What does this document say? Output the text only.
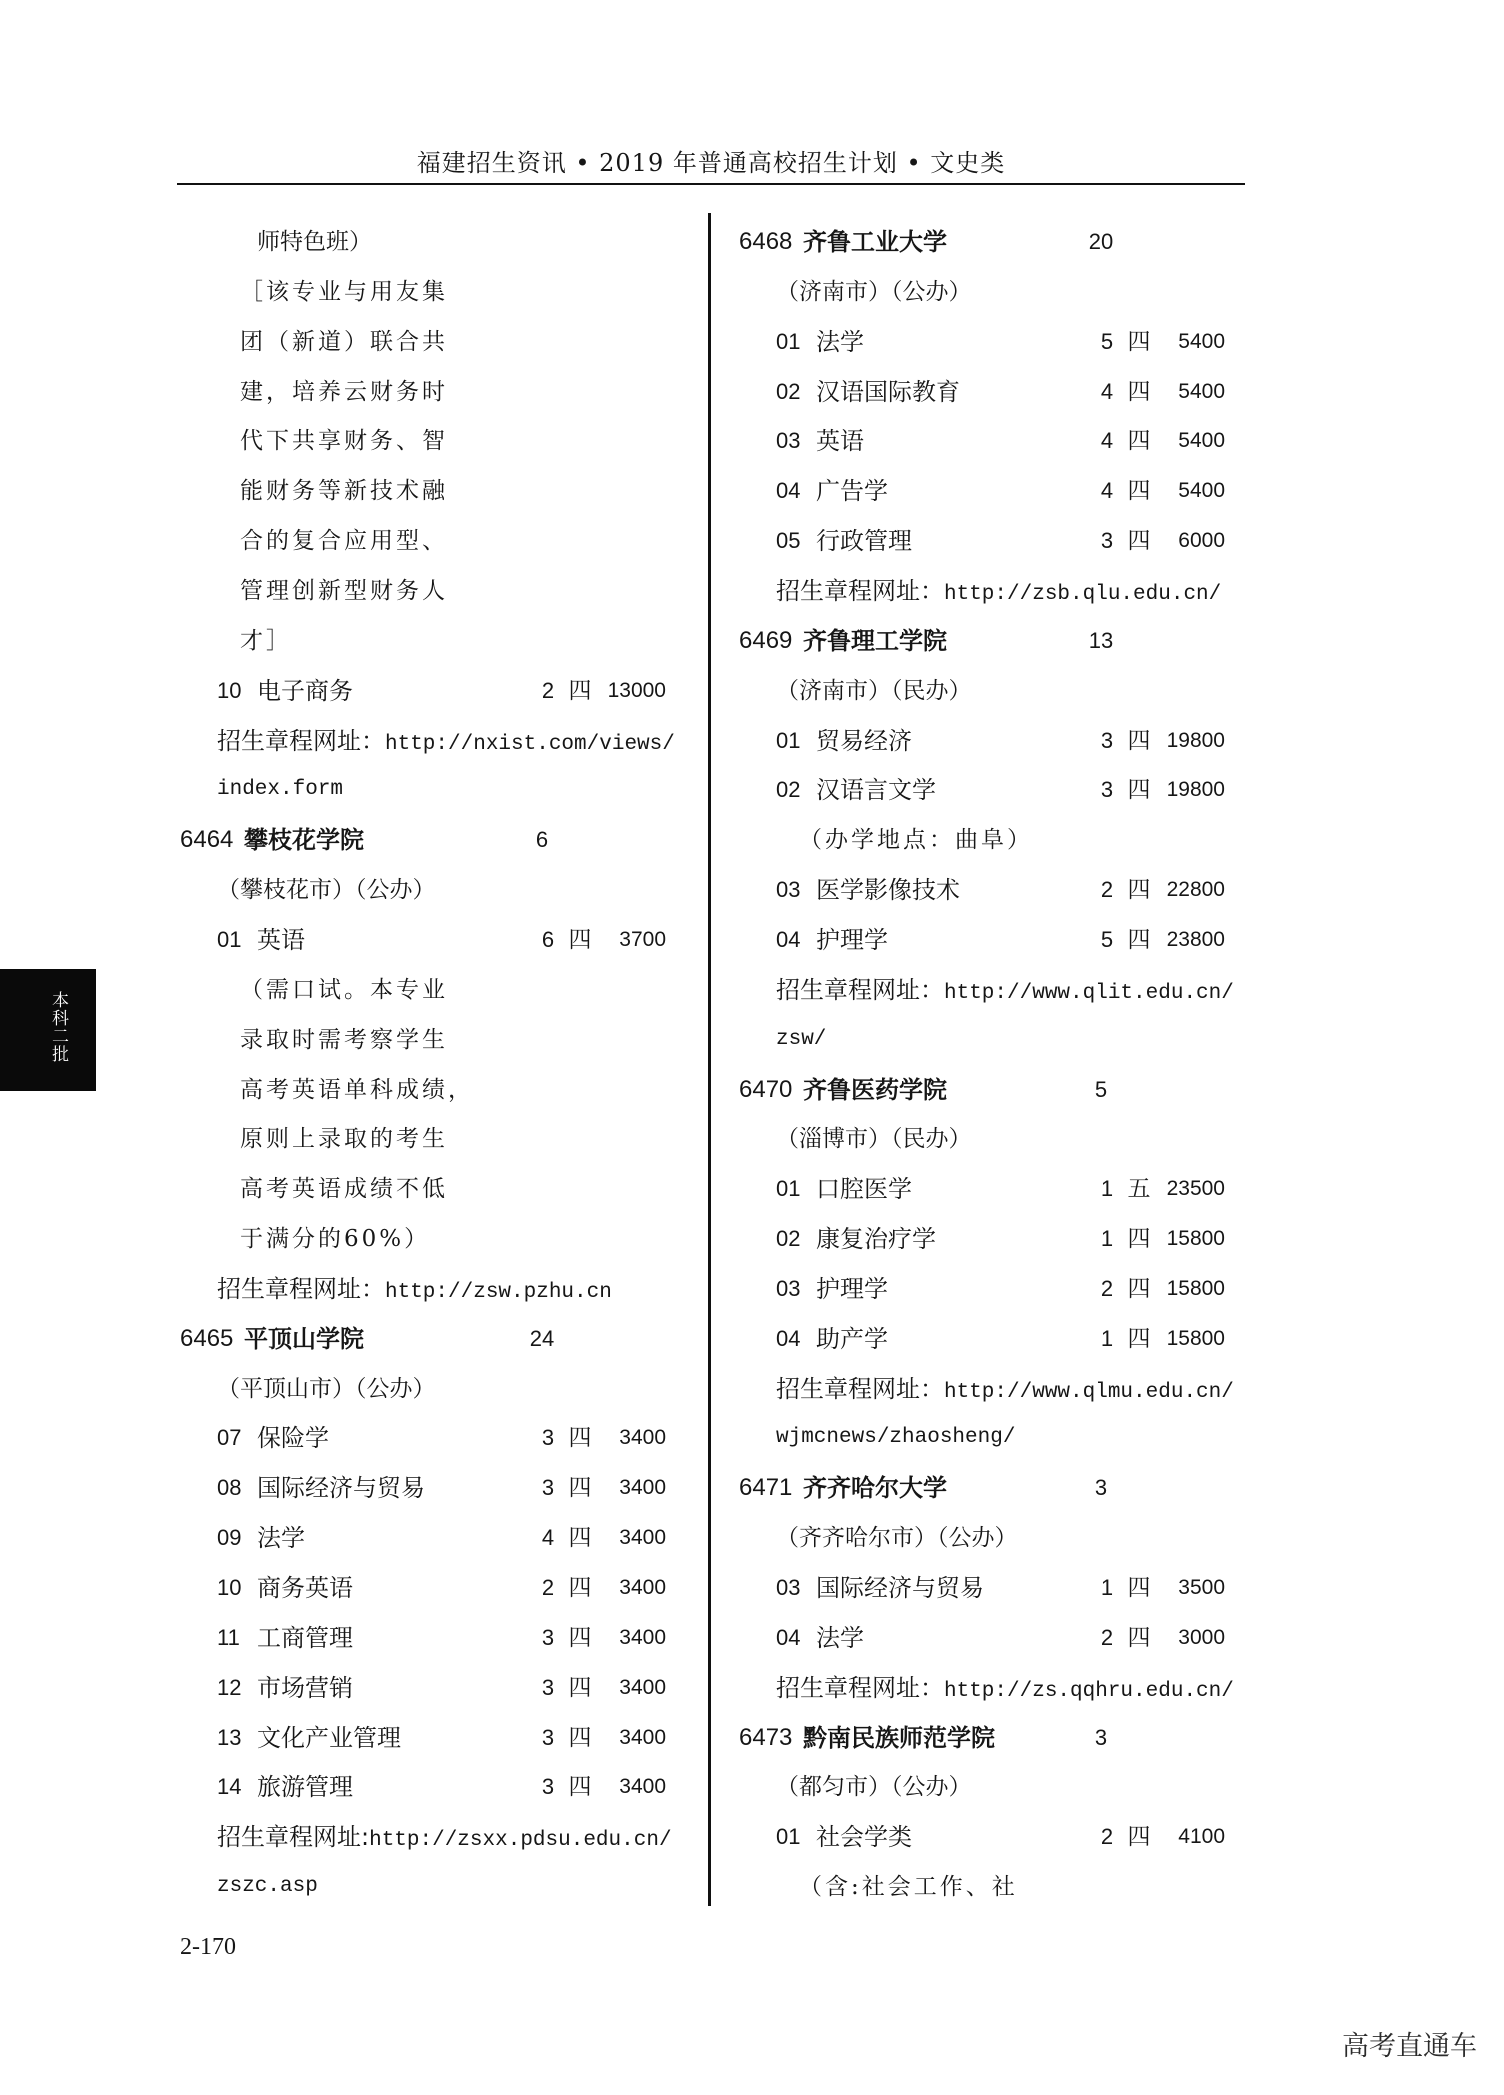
福建招生资讯 • 2019 年普通高校招生计划 • 文史类
师特色班）
［该专业与用友集
团（新道）联合共
建，培养云财务时
代下共享财务、智
能财务等新技术融
合的复合应用型、
管理创新型财务人
才］
10 电子商务	2 四 13000
招生章程网址：http://nxist.com/views/
index.form
6464 攀枝花学院	6
（攀枝花市）（公办）
01 英语	6 四	3700
（需口试。本专业
录取时需考察学生
高考英语单科成绩，
原则上录取的考生
高考英语成绩不低
于满分的60%）
招生章程网址：http://zsw.pzhu.cn
6465 平顶山学院	24
（平顶山市）（公办）
07 保险学	3 四	3400
08 国际经济与贸易	3 四	3400
09 法学	4 四	3400
10 商务英语	2 四	3400
11 工商管理	3 四	3400
12 市场营销	3 四	3400
13 文化产业管理	3 四	3400
14 旅游管理	3 四	3400
招生章程网址:http://zsxx.pdsu.edu.cn/
zszc.asp
6468 齐鲁工业大学	20
（济南市）（公办）
01 法学	5 四	5400
02 汉语国际教育	4 四	5400
03 英语	4 四	5400
04 广告学	4 四	5400
05 行政管理	3 四	6000
招生章程网址：http://zsb.qlu.edu.cn/
6469 齐鲁理工学院	13
（济南市）（民办）
01 贸易经济	3 四 19800
02 汉语言文学	3 四 19800
（办学地点：曲阜）
03 医学影像技术	2 四 22800
04 护理学	5 四 23800
招生章程网址：http://www.qlit.edu.cn/
zsw/
6470 齐鲁医药学院	5
（淄博市）（民办）
01 口腔医学	1 五 23500
02 康复治疗学	1 四 15800
03 护理学	2 四 15800
04 助产学	1 四 15800
招生章程网址：http://www.qlmu.edu.cn/
wjmcnews/zhaosheng/
6471 齐齐哈尔大学	3
（齐齐哈尔市）（公办）
03 国际经济与贸易	1 四	3500
04 法学	2 四	3000
招生章程网址：http://zs.qqhru.edu.cn/
6473 黔南民族师范学院	3
（都匀市）（公办）
01 社会学类	2 四	4100
（含:社会工作、社
2-170
本科二批
高考直通车
